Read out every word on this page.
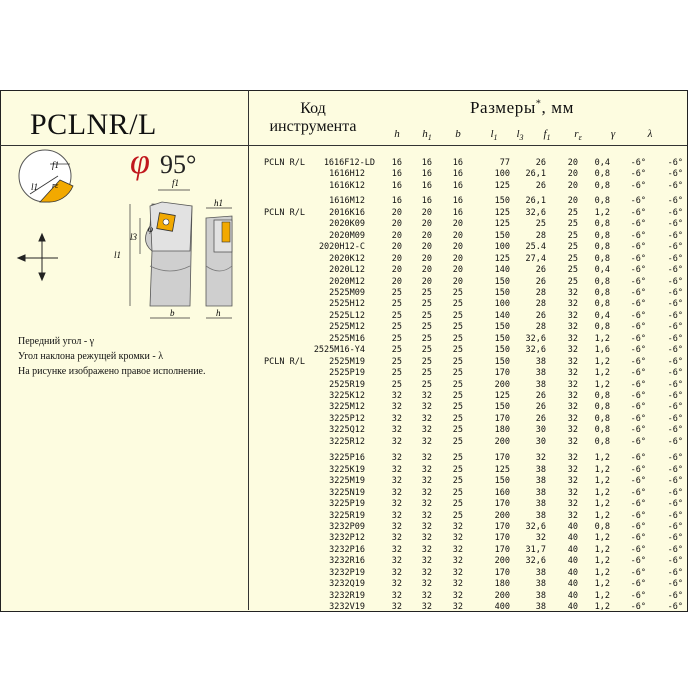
PCLNR/L	Код
инструмента
Размеры*, мм
h	$h_1$	b	$l_1$	$l_3$	$f_1$	$r_\varepsilon$	γ	λ
φ 95°
f1
l1 rε
l1
l3
f1
φ
b
h1
h
Передний угол - γ
Угол наклона режущей кромки - λ
На рисунке изображено правое исполнение.
PCLN R/L	1616F12-LD	16	16	16	77	26	20	0,4	-6°	-6°
1616H12	16	16	16	100	26,1	20	0,8	-6°	-6°
1616K12	16	16	16	125	26	20	0,8	-6°	-6°
1616M12	16	16	16	150	26,1	20	0,8	-6°	-6°
PCLN R/L	2016K16	20	20	16	125	32,6	25	1,2	-6°	-6°
2020K09	20	20	20	125	25	25	0,8	-6°	-6°
2020M09	20	20	20	150	28	25	0,8	-6°	-6°
2020H12-C	20	20	20	100	25.4	25	0,8	-6°	-6°
2020K12	20	20	20	125	27,4	25	0,8	-6°	-6°
2020L12	20	20	20	140	26	25	0,4	-6°	-6°
2020M12	20	20	20	150	26	25	0,8	-6°	-6°
2525M09	25	25	25	150	28	32	0,8	-6°	-6°
2525H12	25	25	25	100	28	32	0,8	-6°	-6°
2525L12	25	25	25	140	26	32	0,4	-6°	-6°
2525M12	25	25	25	150	28	32	0,8	-6°	-6°
2525M16	25	25	25	150	32,6	32	1,2	-6°	-6°
2525M16-Y4	25	25	25	150	32,6	32	1,6	-6°	-6°
PCLN R/L	2525M19	25	25	25	150	38	32	1,2	-6°	-6°
2525P19	25	25	25	170	38	32	1,2	-6°	-6°
2525R19	25	25	25	200	38	32	1,2	-6°	-6°
3225K12	32	32	25	125	26	32	0,8	-6°	-6°
3225M12	32	32	25	150	26	32	0,8	-6°	-6°
3225P12	32	32	25	170	26	32	0,8	-6°	-6°
3225Q12	32	32	25	180	30	32	0,8	-6°	-6°
3225R12	32	32	25	200	30	32	0,8	-6°	-6°
3225P16	32	32	25	170	32	32	1,2	-6°	-6°
3225K19	32	32	25	125	38	32	1,2	-6°	-6°
3225M19	32	32	25	150	38	32	1,2	-6°	-6°
3225N19	32	32	25	160	38	32	1,2	-6°	-6°
3225P19	32	32	25	170	38	32	1,2	-6°	-6°
3225R19	32	32	25	200	38	32	1,2	-6°	-6°
3232P09	32	32	32	170	32,6	40	0,8	-6°	-6°
3232P12	32	32	32	170	32	40	1,2	-6°	-6°
3232P16	32	32	32	170	31,7	40	1,2	-6°	-6°
3232R16	32	32	32	200	32,6	40	1,2	-6°	-6°
3232P19	32	32	32	170	38	40	1,2	-6°	-6°
3232Q19	32	32	32	180	38	40	1,2	-6°	-6°
3232R19	32	32	32	200	38	40	1,2	-6°	-6°
3232V19	32	32	32	400	38	40	1,2	-6°	-6°
